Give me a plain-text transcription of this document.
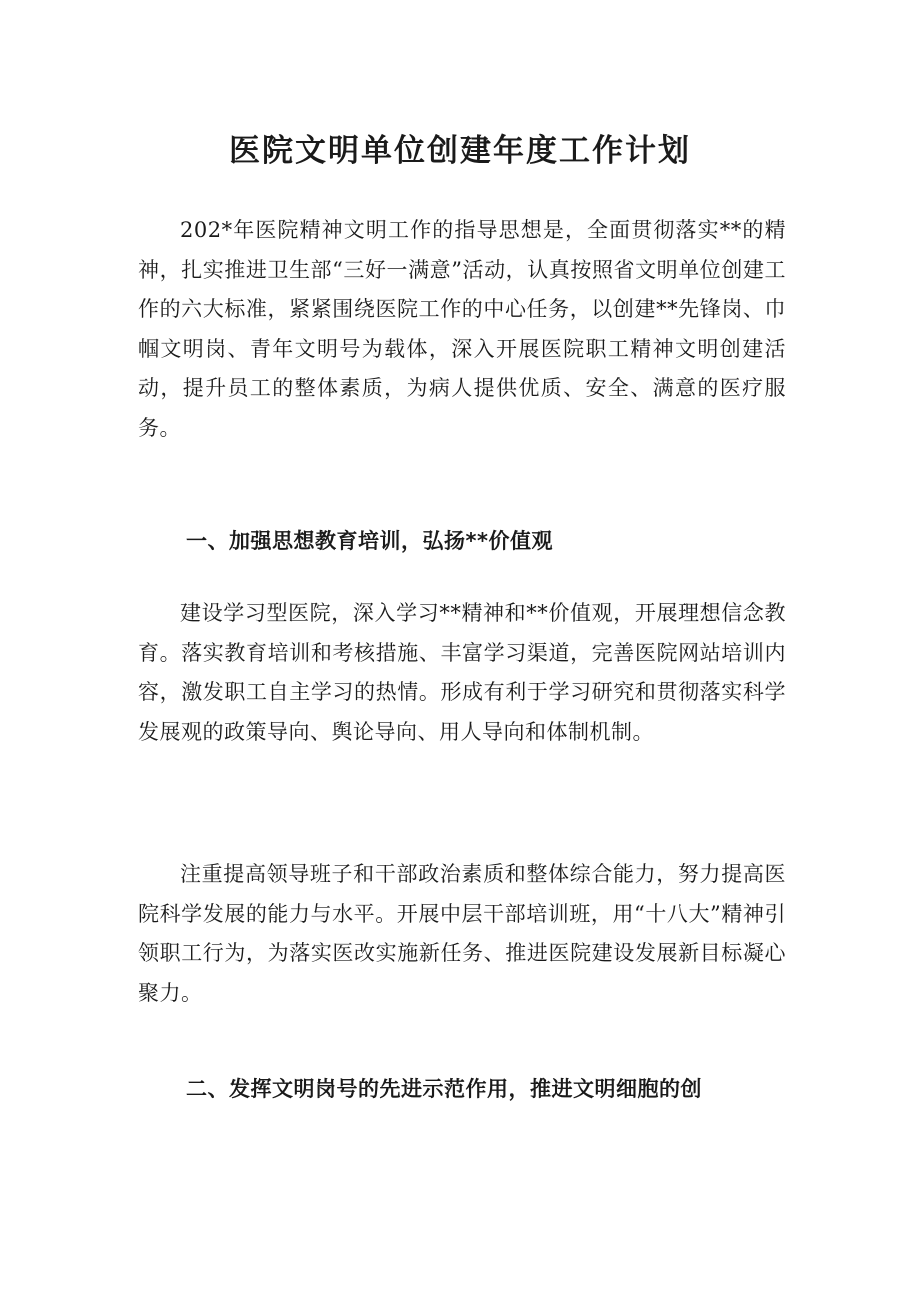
医院文明单位创建年度工作计划

202*年医院精神文明工作的指导思想是，全面贯彻落实**的精神，扎实推进卫生部“三好一满意”活动，认真按照省文明单位创建工作的六大标准，紧紧围绕医院工作的中心任务，以创建**先锋岗、巾帼文明岗、青年文明号为载体，深入开展医院职工精神文明创建活动，提升员工的整体素质，为病人提供优质、安全、满意的医疗服务。

一、加强思想教育培训，弘扬**价值观

建设学习型医院，深入学习**精神和**价值观，开展理想信念教育。落实教育培训和考核措施、丰富学习渠道，完善医院网站培训内容，激发职工自主学习的热情。形成有利于学习研究和贯彻落实科学发展观的政策导向、舆论导向、用人导向和体制机制。

注重提高领导班子和干部政治素质和整体综合能力，努力提高医院科学发展的能力与水平。开展中层干部培训班，用“十八大”精神引领职工行为，为落实医改实施新任务、推进医院建设发展新目标凝心聚力。

二、发挥文明岗号的先进示范作用，推进文明细胞的创
